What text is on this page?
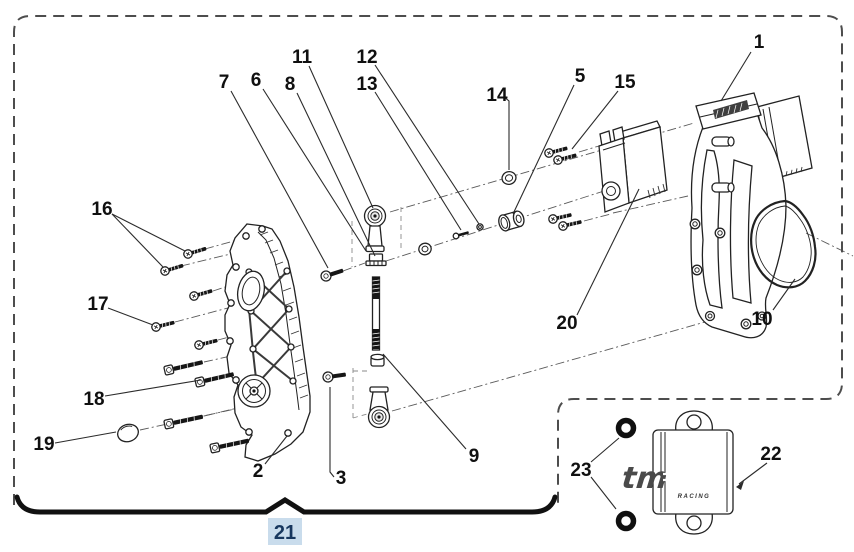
tm
RACING
21
1
2	3
5
6
7	8
9
10
11 12
13
14
15
16
17
18
19
20
22
23
